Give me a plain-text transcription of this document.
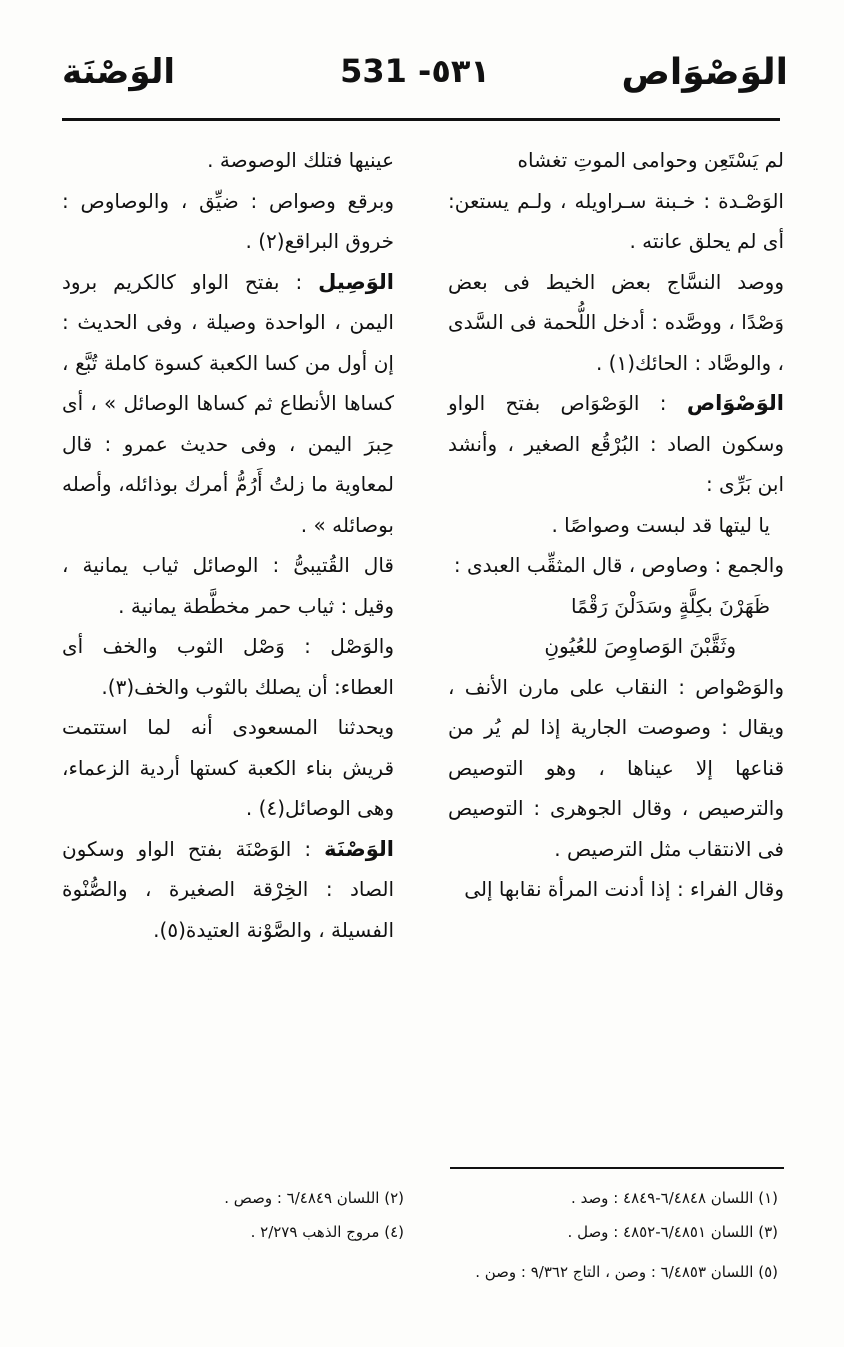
الوَصْوَاص
531 -٥٣١
الوَصْنَة

لم يَسْتَعِن وحوامى الموتِ تغشاه

الوَصْـدة : خـبنة سـراويله ، ولـم يستعن: أى لم يحلق عانته .

ووصد النسَّاج بعض الخيط فى بعض وَصْدًا ، ووصَّده : أدخل اللُّحمة فى السَّدى ، والوصَّاد : الحائك(١) .

الوَصْوَاص : الوَصْوَاص بفتح الواو وسكون الصاد : البُرْقُع الصغير ، وأنشد ابن بَرِّى :

يا ليتها قد لبست وصواصًا .

والجمع : وصاوص ، قال المثقِّب العبدى :

ظَهَرْنَ بكِلَّةٍ وسَدَلْنَ رَقْمًا

وثَقَّبْنَ الوَصاوِصَ للعُيُونِ

والوَصْواص : النقاب على مارن الأنف ، ويقال : وصوصت الجارية إذا لم يُر من قناعها إلا عيناها ، وهو التوصيص والترصيص ، وقال الجوهرى : التوصيص فى الانتقاب مثل الترصيص .

وقال الفراء : إذا أدنت المرأة نقابها إلى

عينيها فتلك الوصوصة .

وبرقع وصواص : ضيِّق ، والوصاوص : خروق البراقع(٢) .

الوَصِيل : بفتح الواو كالكريم برود اليمن ، الواحدة وصيلة ، وفى الحديث : إن أول من كسا الكعبة كسوة كاملة تُبَّع ، كساها الأنطاع ثم كساها الوصائل » ، أى حِبرَ اليمن ، وفى حديث عمرو : قال لمعاوية ما زلتُ أَرُمُّ أمرك بوذائله، وأصله بوصائله » .

قال القُتيبىُّ : الوصائل ثياب يمانية ، وقيل : ثياب حمر مخطَّطة يمانية .

والوَصْل : وَصْل الثوب والخف أى العطاء: أن يصلك بالثوب والخف(٣).

ويحدثنا المسعودى أنه لما استتمت قريش بناء الكعبة كستها أردية الزعماء، وهى الوصائل(٤) .

الوَصْنَة : الوَصْنَة بفتح الواو وسكون الصاد : الخِرْقة الصغيرة ، والصُّنْوة الفسيلة ، والصَّوْنة العتيدة(٥).

(١) اللسان ٦/٤٨٤٨-٤٨٤٩ : وصد .
(٢) اللسان ٦/٤٨٤٩ : وصص .
(٣) اللسان ٦/٤٨٥١-٤٨٥٢ : وصل .
(٤) مروج الذهب ٢/٢٧٩ .
(٥) اللسان ٦/٤٨٥٣ : وصن ، التاج ٩/٣٦٢ : وصن .
